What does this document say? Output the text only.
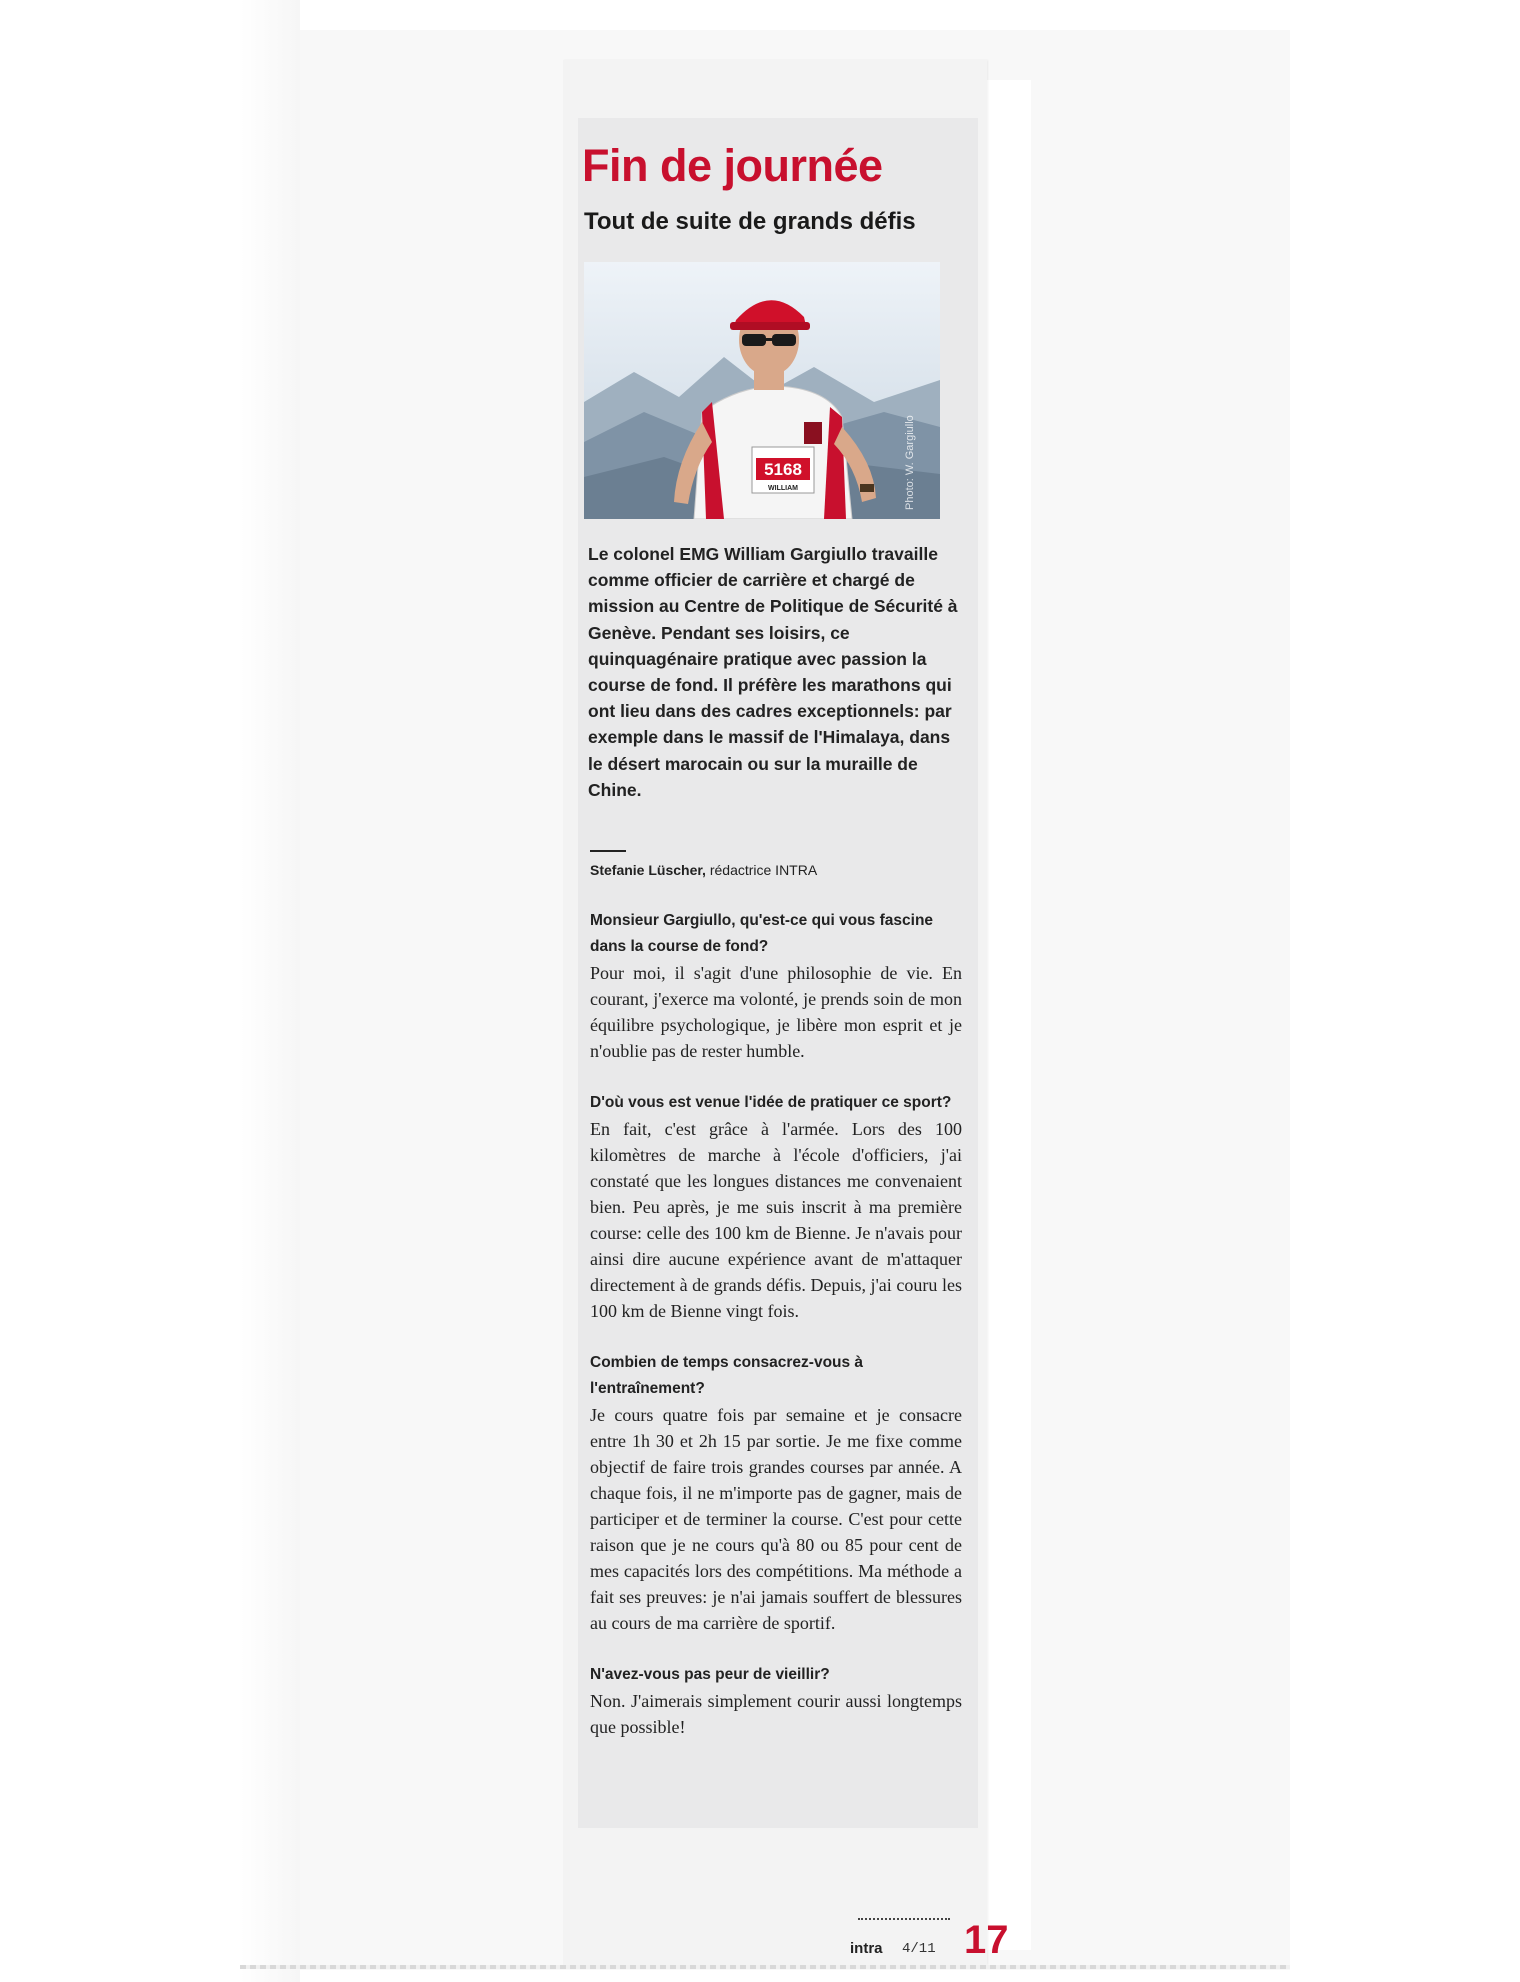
Fin de journée
Tout de suite de grands défis
5168
WILLIAM	Photo: W. Gargiullo

Le colonel EMG William Gargiullo travaille comme officier de carrière et chargé de mission au Centre de Politique de Sécurité à Genève. Pendant ses loisirs, ce quinquagénaire pratique avec passion la course de fond. Il préfère les marathons qui ont lieu dans des cadres exceptionnels: par exemple dans le massif de l'Himalaya, dans le désert marocain ou sur la muraille de Chine.

Stefanie Lüscher, rédactrice INTRA

Monsieur Gargiullo, qu'est-ce qui vous fascine dans la course de fond?

Pour moi, il s'agit d'une philosophie de vie. En courant, j'exerce ma volonté, je prends soin de mon équilibre psychologique, je libère mon esprit et je n'oublie pas de rester humble.

D'où vous est venue l'idée de pratiquer ce sport?

En fait, c'est grâce à l'armée. Lors des 100 kilomètres de marche à l'école d'officiers, j'ai constaté que les longues distances me convenaient bien. Peu après, je me suis inscrit à ma première course: celle des 100 km de Bienne. Je n'avais pour ainsi dire aucune expérience avant de m'attaquer directement à de grands défis. Depuis, j'ai couru les 100 km de Bienne vingt fois.

Combien de temps consacrez-vous à l'entraînement?

Je cours quatre fois par semaine et je consacre entre 1h 30 et 2h 15 par sortie. Je me fixe comme objectif de faire trois grandes courses par année. A chaque fois, il ne m'importe pas de gagner, mais de participer et de terminer la course. C'est pour cette raison que je ne cours qu'à 80 ou 85 pour cent de mes capacités lors des compétitions. Ma méthode a fait ses preuves: je n'ai jamais souffert de blessures au cours de ma carrière de sportif.

N'avez-vous pas peur de vieillir?

Non. J'aimerais simplement courir aussi longtemps que possible!

intra 4/11 17
